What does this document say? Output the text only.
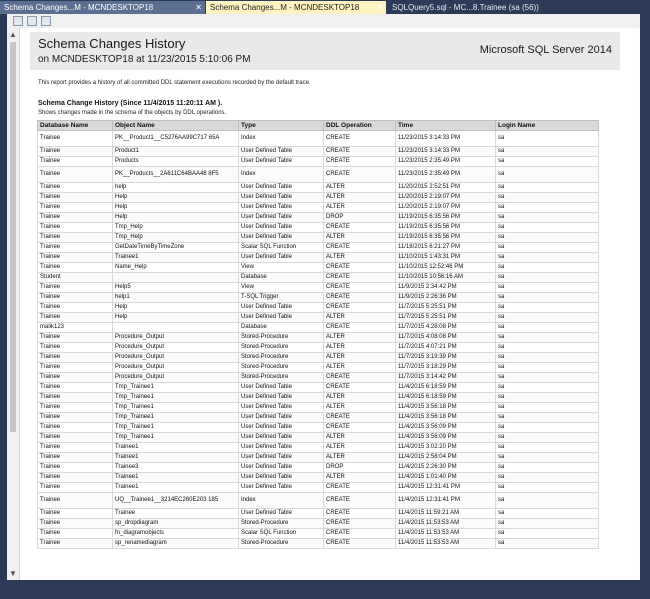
Schema Changes...M - MCNDESKTOP18	✕	Schema Changes...M - MCNDESKTOP18 ✕	SQLQuery5.sql - MC...8.Trainee (sa (56))
▲
▼
Schema Changes History
on MCNDESKTOP18 at 11/23/2015 5:10:06 PM
Microsoft SQL Server 2014
This report provides a history of all committed DDL statement executions recorded by the default trace.
Schema Change History (Since 11/4/2015 11:20:11 AM ).
Shows changes made in the schema of the objects by DDL operations.
Database Name	Object Name	Type	DDL Operation	Time	Login Name
Trainee	PK__Product1__C5276AA99C717 65A	Index	CREATE	11/23/2015 3:14:33 PM	sa
Trainee	Product1	User Defined Table	CREATE	11/23/2015 3:14:33 PM	sa
Trainee	Products	User Defined Table	CREATE	11/23/2015 2:35:49 PM	sa
Trainee	PK__Products__2A611C64BAA48 8F5	Index	CREATE	11/23/2015 2:35:49 PM	sa
Trainee	help	User Defined Table	ALTER	11/20/2015 2:52:51 PM	sa
Trainee	Help	User Defined Table	ALTER	11/20/2015 2:19:07 PM	sa
Trainee	Help	User Defined Table	ALTER	11/20/2015 2:19:07 PM	sa
Trainee	Help	User Defined Table	DROP	11/19/2015 6:35:56 PM	sa
Trainee	Tmp_Help	User Defined Table	CREATE	11/19/2015 6:35:56 PM	sa
Trainee	Tmp_Help	User Defined Table	ALTER	11/19/2015 6:35:56 PM	sa
Trainee	GetDateTimeByTimeZone	Scalar SQL Function	CREATE	11/18/2015 6:21:27 PM	sa
Trainee	Trainee1	User Defined Table	ALTER	11/10/2015 1:43:31 PM	sa
Trainee	Name_Help	View	CREATE	11/10/2015 12:52:46 PM	sa
Student		Database	CREATE	11/10/2015 10:56:16 AM	sa
Trainee	Help5	View	CREATE	11/9/2015 2:34:42 PM	sa
Trainee	help1	T-SQL Trigger	CREATE	11/9/2015 2:26:36 PM	sa
Trainee	Help	User Defined Table	CREATE	11/7/2015 5:25:51 PM	sa
Trainee	Help	User Defined Table	ALTER	11/7/2015 5:25:51 PM	sa
malik123		Database	CREATE	11/7/2015 4:28:08 PM	sa
Trainee	Procedure_Output	Stored-Procedure	ALTER	11/7/2015 4:08:08 PM	sa
Trainee	Procedure_Output	Stored-Procedure	ALTER	11/7/2015 4:07:21 PM	sa
Trainee	Procedure_Output	Stored-Procedure	ALTER	11/7/2015 3:19:39 PM	sa
Trainee	Procedure_Output	Stored-Procedure	ALTER	11/7/2015 3:18:29 PM	sa
Trainee	Procedure_Output	Stored-Procedure	CREATE	11/7/2015 3:14:42 PM	sa
Trainee	Tmp_Trainee1	User Defined Table	CREATE	11/4/2015 6:18:59 PM	sa
Trainee	Tmp_Trainee1	User Defined Table	ALTER	11/4/2015 6:18:59 PM	sa
Trainee	Tmp_Trainee1	User Defined Table	ALTER	11/4/2015 3:56:18 PM	sa
Trainee	Tmp_Trainee1	User Defined Table	CREATE	11/4/2015 3:56:18 PM	sa
Trainee	Tmp_Trainee1	User Defined Table	CREATE	11/4/2015 3:56:09 PM	sa
Trainee	Tmp_Trainee1	User Defined Table	ALTER	11/4/2015 3:56:09 PM	sa
Trainee	Trainee1	User Defined Table	ALTER	11/4/2015 3:02:20 PM	sa
Trainee	Trainee1	User Defined Table	ALTER	11/4/2015 2:58:04 PM	sa
Trainee	Trainee3	User Defined Table	DROP	11/4/2015 2:26:30 PM	sa
Trainee	Trainee1	User Defined Table	ALTER	11/4/2015 1:01:40 PM	sa
Trainee	Trainee1	User Defined Table	CREATE	11/4/2015 12:31:41 PM	sa
Trainee	UQ__Trainee1__3214EC260E203 185	Index	CREATE	11/4/2015 12:31:41 PM	sa
Trainee	Trainee	User Defined Table	CREATE	11/4/2015 11:59:21 AM	sa
Trainee	sp_dropdiagram	Stored-Procedure	CREATE	11/4/2015 11:53:53 AM	sa
Trainee	fn_diagramobjects	Scalar SQL Function	CREATE	11/4/2015 11:53:53 AM	sa
Trainee	sp_renamediagram	Stored-Procedure	CREATE	11/4/2015 11:53:53 AM	sa
